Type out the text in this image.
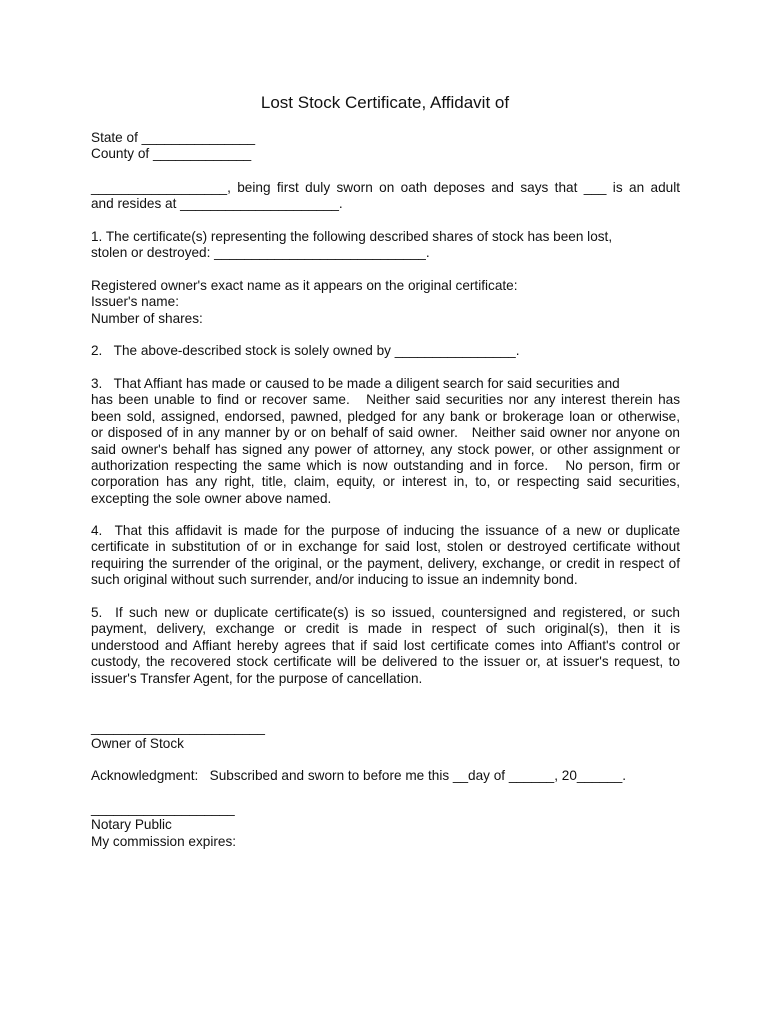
Lost Stock Certificate, Affidavit of
State of _______________
County of _____________
__________________, being first duly sworn on oath deposes and says that ___ is an adult
and resides at _____________________.
1. The certificate(s) representing the following described shares of stock has been lost,
stolen or destroyed: ____________________________.
Registered owner's exact name as it appears on the original certificate:
Issuer's name:
Number of shares:
2.   The above-described stock is solely owned by ________________.
3.   That Affiant has made or caused to be made a diligent search for said securities and
has been unable to find or recover same.   Neither said securities nor any interest therein has
been sold, assigned, endorsed, pawned, pledged for any bank or brokerage loan or otherwise,
or disposed of in any manner by or on behalf of said owner.   Neither said owner nor anyone on
said owner's behalf has signed any power of attorney, any stock power, or other assignment or
authorization respecting the same which is now outstanding and in force.   No person, firm or
corporation has any right, title, claim, equity, or interest in, to, or respecting said securities,
excepting the sole owner above named.
4.  That this affidavit is made for the purpose of inducing the issuance of a new or duplicate
certificate in substitution of or in exchange for said lost, stolen or destroyed certificate without
requiring the surrender of the original, or the payment, delivery, exchange, or credit in respect of
such original without such surrender, and/or inducing to issue an indemnity bond.
5.  If such new or duplicate certificate(s) is so issued, countersigned and registered, or such
payment, delivery, exchange or credit is made in respect of such original(s), then it is
understood and Affiant hereby agrees that if said lost certificate comes into Affiant's control or
custody, the recovered stock certificate will be delivered to the issuer or, at issuer's request, to
issuer's Transfer Agent, for the purpose of cancellation.
_______________________
Owner of Stock
Acknowledgment:   Subscribed and sworn to before me this __day of ______, 20______.
___________________
Notary Public
My commission expires:
